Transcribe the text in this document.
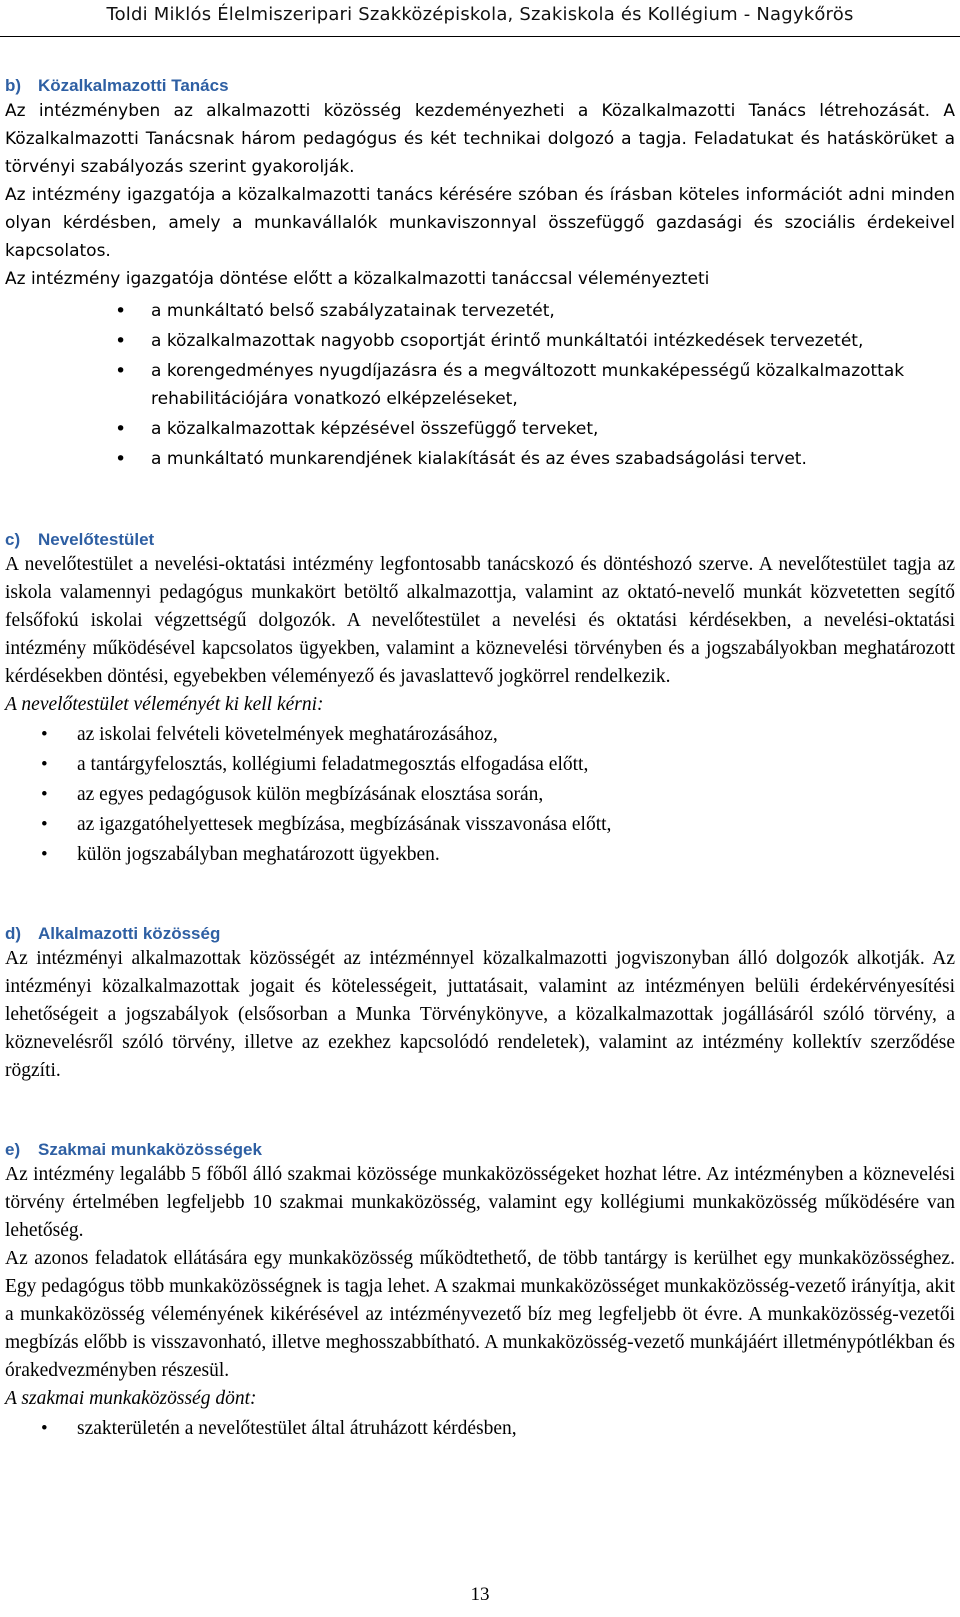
Toldi Miklós Élelmiszeripari Szakközépiskola, Szakiskola és Kollégium - Nagykőrös
b) Közalkalmazotti Tanács

Az intézményben az alkalmazotti közösség kezdeményezheti a Közalkalmazotti Tanács létrehozását. A Közalkalmazotti Tanácsnak három pedagógus és két technikai dolgozó a tagja. Feladatukat és hatáskörüket a törvényi szabályozás szerint gyakorolják.

Az intézmény igazgatója a közalkalmazotti tanács kérésére szóban és írásban köteles információt adni minden olyan kérdésben, amely a munkavállalók munkaviszonnyal összefüggő gazdasági és szociális érdekeivel kapcsolatos.

Az intézmény igazgatója döntése előtt a közalkalmazotti tanáccsal véleményezteti

• a munkáltató belső szabályzatainak tervezetét,
• a közalkalmazottak nagyobb csoportját érintő munkáltatói intézkedések tervezetét,
• a korengedményes nyugdíjazásra és a megváltozott munkaképességű közalkalmazottak rehabilitációjára vonatkozó elképzeléseket,
• a közalkalmazottak képzésével összefüggő terveket,
• a munkáltató munkarendjének kialakítását és az éves szabadságolási tervet.
c) Nevelőtestület

A nevelőtestület a nevelési-oktatási intézmény legfontosabb tanácskozó és döntéshozó szerve. A nevelőtestület tagja az iskola valamennyi pedagógus munkakört betöltő alkalmazottja, valamint az oktató-nevelő munkát közvetetten segítő felsőfokú iskolai végzettségű dolgozók. A nevelőtestület a nevelési és oktatási kérdésekben, a nevelési-oktatási intézmény működésével kapcsolatos ügyekben, valamint a köznevelési törvényben és a jogszabályokban meghatározott kérdésekben döntési, egyebekben véleményező és javaslattevő jogkörrel rendelkezik.

A nevelőtestület véleményét ki kell kérni:

• az iskolai felvételi követelmények meghatározásához,
• a tantárgyfelosztás, kollégiumi feladatmegosztás elfogadása előtt,
• az egyes pedagógusok külön megbízásának elosztása során,
• az igazgatóhelyettesek megbízása, megbízásának visszavonása előtt,
• külön jogszabályban meghatározott ügyekben.
d) Alkalmazotti közösség

Az intézményi alkalmazottak közösségét az intézménnyel közalkalmazotti jogviszonyban álló dolgozók alkotják. Az intézményi közalkalmazottak jogait és kötelességeit, juttatásait, valamint az intézményen belüli érdekérvényesítési lehetőségeit a jogszabályok (elsősorban a Munka Törvénykönyve, a közalkalmazottak jogállásáról szóló törvény, a köznevelésről szóló törvény, illetve az ezekhez kapcsolódó rendeletek), valamint az intézmény kollektív szerződése rögzíti.

e) Szakmai munkaközösségek

Az intézmény legalább 5 főből álló szakmai közössége munkaközösségeket hozhat létre. Az intézményben a köznevelési törvény értelmében legfeljebb 10 szakmai munkaközösség, valamint egy kollégiumi munkaközösség működésére van lehetőség.

Az azonos feladatok ellátására egy munkaközösség működtethető, de több tantárgy is kerülhet egy munkaközösséghez. Egy pedagógus több munkaközösségnek is tagja lehet. A szakmai munkaközösséget munkaközösség-vezető irányítja, akit a munkaközösség véleményének kikérésével az intézményvezető bíz meg legfeljebb öt évre. A munkaközösség-vezetői megbízás előbb is visszavonható, illetve meghosszabbítható. A munkaközösség-vezető munkájáért illetménypótlékban és órakedvezményben részesül.

A szakmai munkaközösség dönt:

• szakterületén a nevelőtestület által átruházott kérdésben,
13
